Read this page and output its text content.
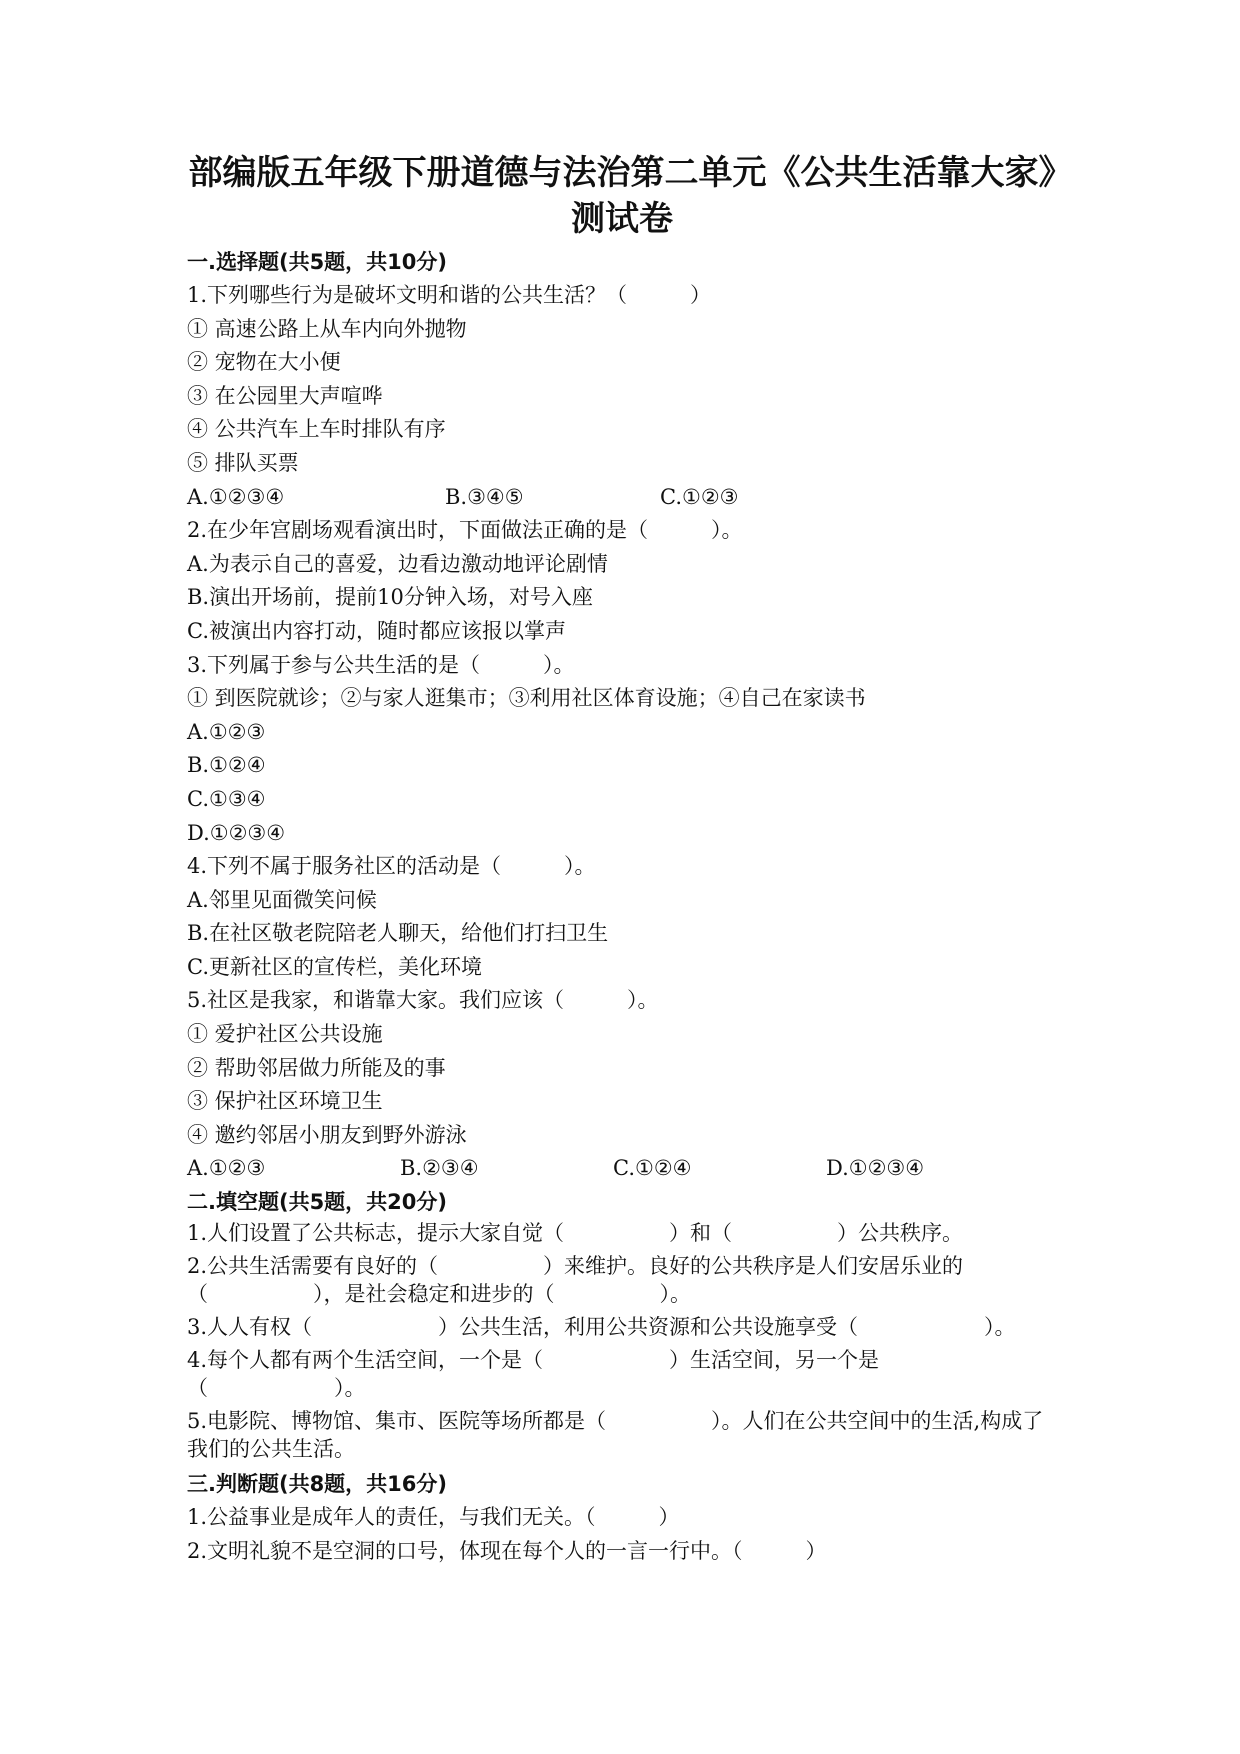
部编版五年级下册道德与法治第二单元《公共生活靠大家》测试卷

一.选择题(共5题，共10分)

1.下列哪些行为是破坏文明和谐的公共生活？（　　　）

① 高速公路上从车内向外抛物

② 宠物在大小便

③ 在公园里大声喧哗

④ 公共汽车上车时排队有序

⑤ 排队买票

A.①②③④	B.③④⑤	C.①②③

2.在少年宫剧场观看演出时，下面做法正确的是（　　　）。

A.为表示自己的喜爱，边看边激动地评论剧情

B.演出开场前，提前10分钟入场，对号入座

C.被演出内容打动，随时都应该报以掌声

3.下列属于参与公共生活的是（　　　）。

① 到医院就诊；②与家人逛集市；③利用社区体育设施；④自己在家读书

A.①②③

B.①②④

C.①③④

D.①②③④

4.下列不属于服务社区的活动是（　　　）。

A.邻里见面微笑问候

B.在社区敬老院陪老人聊天，给他们打扫卫生

C.更新社区的宣传栏，美化环境

5.社区是我家，和谐靠大家。我们应该（　　　）。

① 爱护社区公共设施

② 帮助邻居做力所能及的事

③ 保护社区环境卫生

④ 邀约邻居小朋友到野外游泳

A.①②③	B.②③④	C.①②④	D.①②③④

二.填空题(共5题，共20分)

1.人们设置了公共标志，提示大家自觉（　　　　　）和（　　　　　）公共秩序。

2.公共生活需要有良好的（　　　　　）来维护。良好的公共秩序是人们安居乐业的（　　　　　），是社会稳定和进步的（　　　　　）。

3.人人有权（　　　　　　）公共生活，利用公共资源和公共设施享受（　　　　　　）。

4.每个人都有两个生活空间，一个是（　　　　　　）生活空间，另一个是（　　　　　　）。

5.电影院、博物馆、集市、医院等场所都是（　　　　　）。人们在公共空间中的生活,构成了我们的公共生活。

三.判断题(共8题，共16分)

1.公益事业是成年人的责任，与我们无关。（　　　）

2.文明礼貌不是空洞的口号，体现在每个人的一言一行中。（　　　）
